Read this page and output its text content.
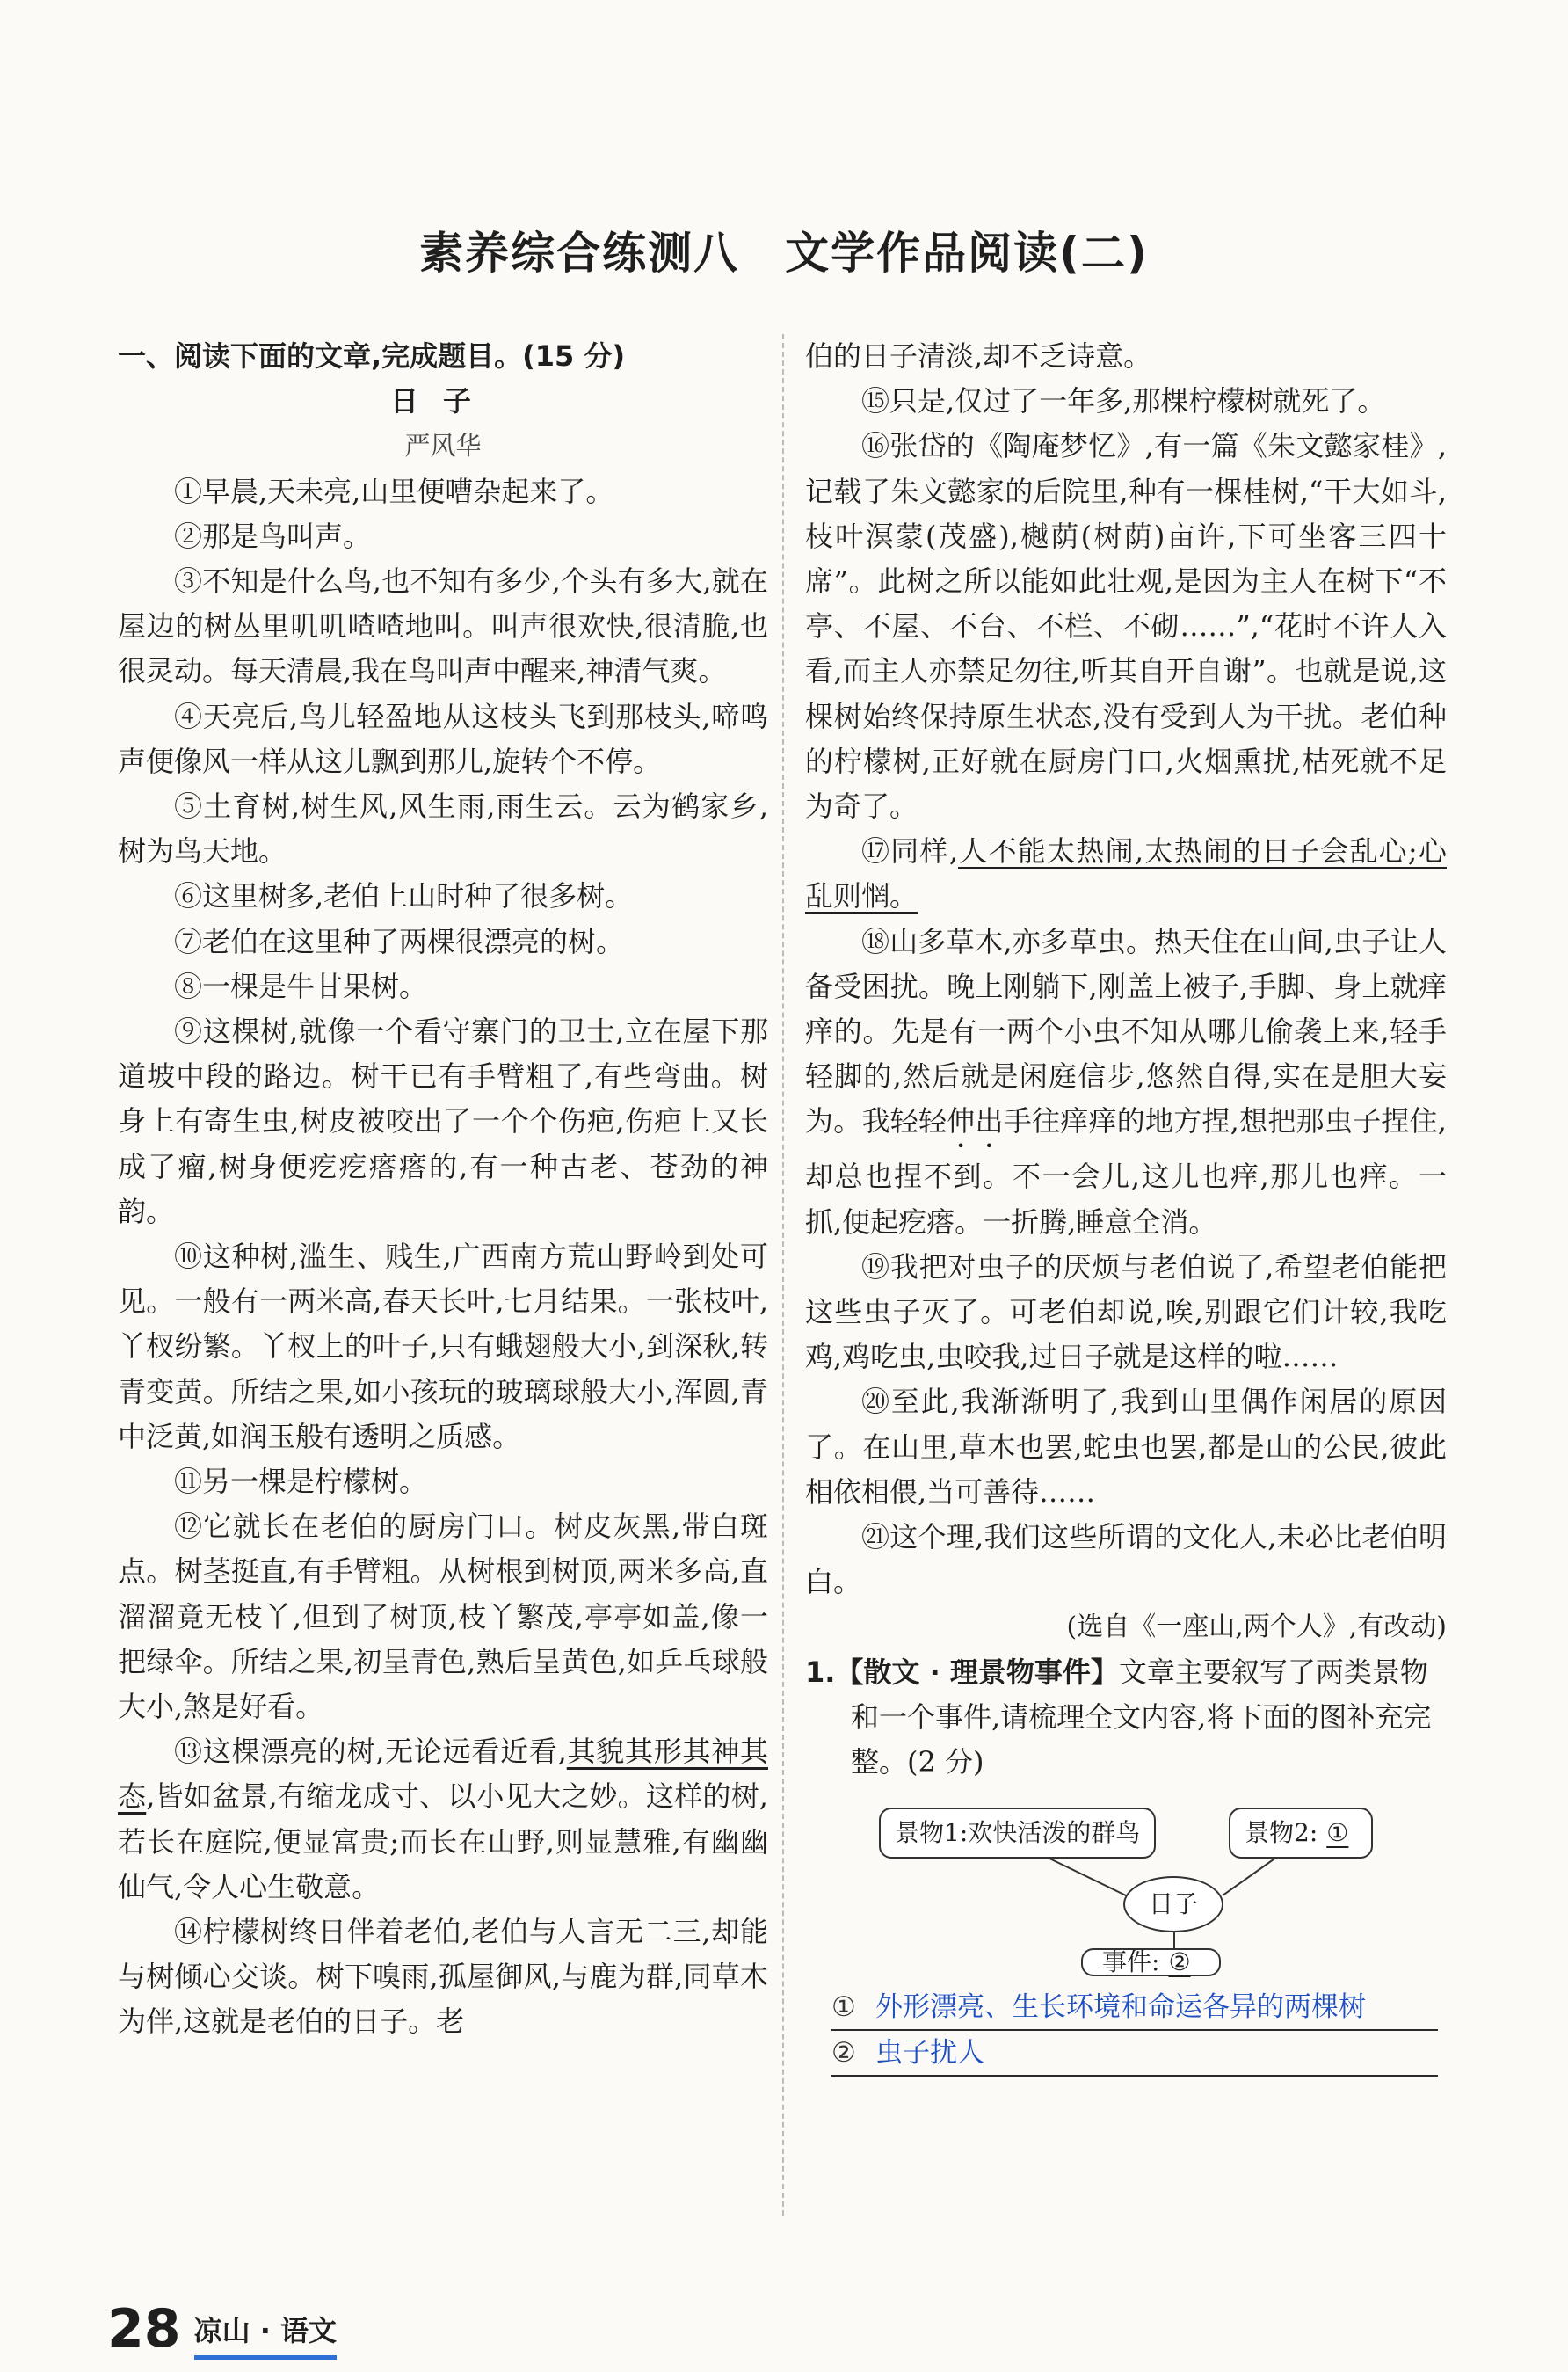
素养综合练测八　文学作品阅读(二)
一、阅读下面的文章,完成题目。(15 分)
日子
严风华

①早晨,天未亮,山里便嘈杂起来了。

②那是鸟叫声。

③不知是什么鸟,也不知有多少,个头有多大,就在屋边的树丛里叽叽喳喳地叫。叫声很欢快,很清脆,也很灵动。每天清晨,我在鸟叫声中醒来,神清气爽。

④天亮后,鸟儿轻盈地从这枝头飞到那枝头,啼鸣声便像风一样从这儿飘到那儿,旋转个不停。

⑤土育树,树生风,风生雨,雨生云。云为鹤家乡,树为鸟天地。

⑥这里树多,老伯上山时种了很多树。

⑦老伯在这里种了两棵很漂亮的树。

⑧一棵是牛甘果树。

⑨这棵树,就像一个看守寨门的卫士,立在屋下那道坡中段的路边。树干已有手臂粗了,有些弯曲。树身上有寄生虫,树皮被咬出了一个个伤疤,伤疤上又长成了瘤,树身便疙疙瘩瘩的,有一种古老、苍劲的神韵。

⑩这种树,滥生、贱生,广西南方荒山野岭到处可见。一般有一两米高,春天长叶,七月结果。一张枝叶,丫杈纷繁。丫杈上的叶子,只有蛾翅般大小,到深秋,转青变黄。所结之果,如小孩玩的玻璃球般大小,浑圆,青中泛黄,如润玉般有透明之质感。

⑪另一棵是柠檬树。

⑫它就长在老伯的厨房门口。树皮灰黑,带白斑点。树茎挺直,有手臂粗。从树根到树顶,两米多高,直溜溜竟无枝丫,但到了树顶,枝丫繁茂,亭亭如盖,像一把绿伞。所结之果,初呈青色,熟后呈黄色,如乒乓球般大小,煞是好看。

⑬这棵漂亮的树,无论远看近看,其貌其形其神其态,皆如盆景,有缩龙成寸、以小见大之妙。这样的树,若长在庭院,便显富贵;而长在山野,则显慧雅,有幽幽仙气,令人心生敬意。

⑭柠檬树终日伴着老伯,老伯与人言无二三,却能与树倾心交谈。树下嗅雨,孤屋御风,与鹿为群,同草木为伴,这就是老伯的日子。老

伯的日子清淡,却不乏诗意。

⑮只是,仅过了一年多,那棵柠檬树就死了。

⑯张岱的《陶庵梦忆》,有一篇《朱文懿家桂》,记载了朱文懿家的后院里,种有一棵桂树,“干大如斗,枝叶溟蒙(茂盛),樾荫(树荫)亩许,下可坐客三四十席”。此树之所以能如此壮观,是因为主人在树下“不亭、不屋、不台、不栏、不砌……”,“花时不许人入看,而主人亦禁足勿往,听其自开自谢”。也就是说,这棵树始终保持原生状态,没有受到人为干扰。老伯种的柠檬树,正好就在厨房门口,火烟熏扰,枯死就不足为奇了。

⑰同样,人不能太热闹,太热闹的日子会乱心;心乱则惘。

⑱山多草木,亦多草虫。热天住在山间,虫子让人备受困扰。晚上刚躺下,刚盖上被子,手脚、身上就痒痒的。先是有一两个小虫不知从哪儿偷袭上来,轻手轻脚的,然后就是闲庭信步,悠然自得,实在是胆大妄为。我轻轻伸出手往痒痒的地方捏,想把那虫子捏住,却总也捏不到。不一会儿,这儿也痒,那儿也痒。一抓,便起疙瘩。一折腾,睡意全消。

⑲我把对虫子的厌烦与老伯说了,希望老伯能把这些虫子灭了。可老伯却说,唉,别跟它们计较,我吃鸡,鸡吃虫,虫咬我,过日子就是这样的啦……

⑳至此,我渐渐明了,我到山里偶作闲居的原因了。在山里,草木也罢,蛇虫也罢,都是山的公民,彼此相依相偎,当可善待……

㉑这个理,我们这些所谓的文化人,未必比老伯明白。

(选自《一座山,两个人》,有改动)

1.【散文 · 理景物事件】文章主要叙写了两类景物和一个事件,请梳理全文内容,将下面的图补充完整。(2 分)

景物1:欢快活泼的群鸟	景物2: ①
日子
事件: ②
① 外形漂亮、生长环境和命运各异的两棵树
② 虫子扰人
28 凉山 · 语文
